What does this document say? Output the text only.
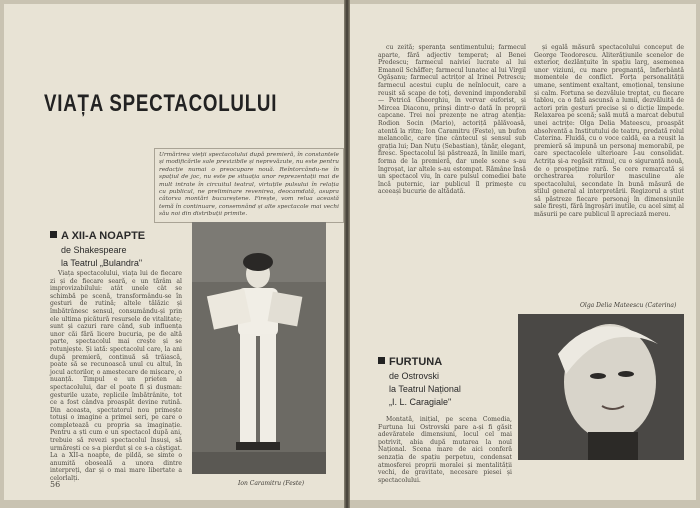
VIAȚA SPECTACOLULUI
Urmărirea vieții spectacolului după premieră, în constantele și modificările sale previzibile și neprevăzute, nu este pentru redacție numai o preocupare nouă. Reîntorcându-ne în spațiul de joc, nu este pe situația unor reprezentații mai de mult intrate în circuitul teatral, virtuțile pulsului în relația cu publicul, ne preliminare revenirea, deocamdată, asupra câtorva montări bucureștene. Firește, vom relua această temă în continuare, consemnând și alte spectacole mai vechi său noi din distribuții primite.
A XII-A NOAPTE
de Shakespeare
la Teatrul „Bulandra"

Viața spectacolului, viața lui de fiecare zi și de fiecare seară, e un tărâm al improvizabilului: atât unele cât se schimbă pe scenă, transformându-se în gesturi de rutină; altele tălăzic și îmbătrânesc sensul, consumându-și prin ele ultima picătură resursele de vitalitate; sunt și cazuri rare când, sub influența unor căi fără licere bucuria, pe de altă parte, spectacolul mai crește și se rotunjește. Și iată: spectacolul care, la ani după premieră, continuă să trăiască, poate să se recunoască unul cu altul, în jocul actorilor, o amestecare de mișcare, o nuanță. Timpul e un prieten al spectacolului, dar el poate fi și dușman: gesturile uzate, replicile îmbătrânite, tot ce a fost cândva proaspăt devine rutină. Din aceasta, spectatorul nou primește totuși o imagine a primei seri, pe care o completează cu propria sa imaginație. Pentru a ști cum e un spectacol după ani, trebuie să revezi spectacolul însuși, să urmărești ce s-a pierdut și ce s-a câștigat. La a XII-a noapte, de pildă, se simte o anumită oboseală a unora dintre interpreți, dar și o mai mare libertate a celorlalți.

Ion Caramitru (Feste)
56

cu zeită; speranța sentimentului; farmecul aparte, fără adjectiv temperat; al Benei Predescu; farmecul naiviei lucrate al lui Emanoil Schăffer; farmecul lunatec al lui Virgil Ogășanu; farmecul actrițor al Irinei Petrescu; farmecul acestui cuplu de neînlocuit, care a reușit să scape de toți, devenind imponderabil — Petrică Gheorghiu, în vervar euforist, și Mircea Diaconu, prinși dintr-o dată în proprii capcane. Trei noi prezențe ne atrag atenția: Rodion Socin (Mario), actoriță pălăvoasă, atentă la ritm; Ion Caramitru (Feste), un bufon melancolic, care ține cântecul și sensul sub grația lui; Dan Nuțu (Sebastian), tânăr, elegant, firesc. Spectacolul își păstrează, în liniile mari, forma de la premieră, dar unele scene s-au îngroșat, iar altele s-au estompat. Rămâne însă un spectacol viu, în care pulsul comediei bate încă puternic, iar publicul îl primește cu aceeași bucurie de altădată.

și egală măsură spectacolului conceput de George Teodorescu. Aliterățiunile scenelor de exterior, dezlănțuite în spațiu larg, asemenea unor viziuni, cu mare pregnanță, înfierbântă momentele de conflict. Forța personalității umane, sentiment exaltant, emoțional, tensiune și calm. Fortuna se dezvăluie treptat, cu fiecare tablou, ca o față ascunsă a lumii, dezvăluită de actori prin gesturi precise și o dicție limpede. Relaxarea pe scenă; sală mută a marcat debutul unei actrițe: Olga Delia Mateescu, proaspăt absolventă a Institutului de teatru, predată rolul Caterina. Fluidă, cu o voce caldă, ea a reușit la premieră să impună un personaj memorabil, pe care spectacolele ulterioare l-au consolidat. Actrița și-a regăsit ritmul, cu o siguranță nouă, de o prospețime rară. Se cere remarcată și orchestrarea rolurilor masculine ale spectacolului, secondate în bună măsură de stilul general al interpretării. Regizorul a știut să păstreze fiecare personaj în dimensiunile sale firești, fără îngroșări inutile, cu acel simț al măsurii pe care publicul îl apreciază mereu.

Olga Delia Mateescu (Caterina)
FURTUNA
de Ostrovski
la Teatrul Național
„I. L. Caragiale"

Montată, inițial, pe scena Comedia, Furtuna lui Ostrovski pare a-și fi găsit adevăratele dimensiuni, locul cel mai potrivit, abia după mutarea la noul Național. Scena mare de aici conferă senzația de spațiu perpetuu, condensat atmosferei proprii moralei și mentalității vechi, de gravitate, necesare piesei și spectacolului.
